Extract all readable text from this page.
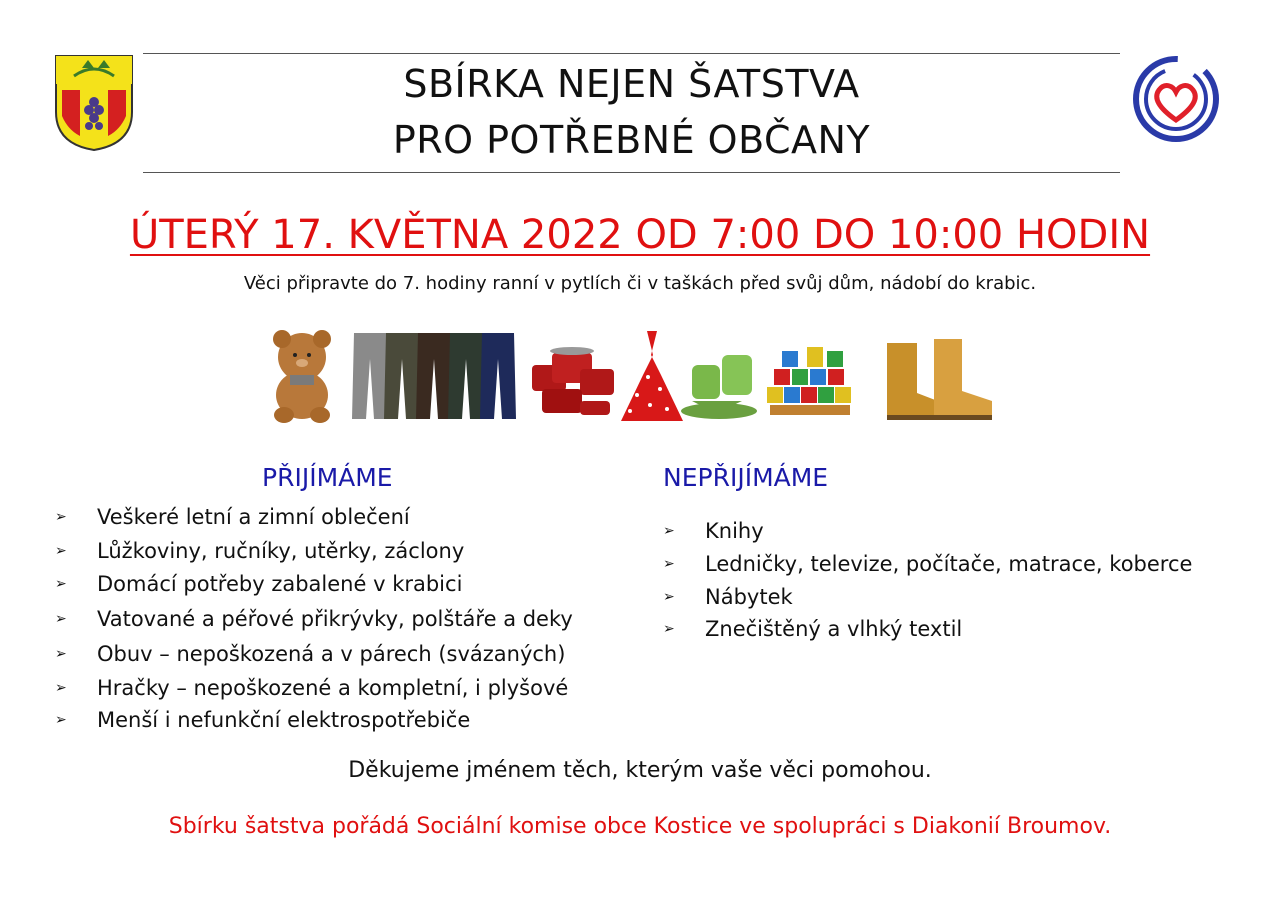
SBÍRKA NEJEN ŠATSTVA
PRO POTŘEBNÉ OBČANY
ÚTERÝ 17. KVĚTNA 2022 OD 7:00 DO 10:00 HODIN
Věci připravte do 7. hodiny ranní v pytlích či v taškách před svůj dům, nádobí do krabic.
PŘIJÍMÁME
➢ Veškeré letní a zimní oblečení
➢ Lůžkoviny, ručníky, utěrky, záclony
➢ Domácí potřeby zabalené v krabici
➢ Vatované a péřové přikrývky, polštáře a deky
➢ Obuv – nepoškozená a v párech (svázaných)
➢ Hračky – nepoškozené a kompletní, i plyšové
➢ Menší i nefunkční elektrospotřebiče
NEPŘIJÍMÁME
➢ Knihy
➢ Ledničky, televize, počítače, matrace, koberce
➢ Nábytek
➢ Znečištěný a vlhký textil
Děkujeme jménem těch, kterým vaše věci pomohou.
Sbírku šatstva pořádá Sociální komise obce Kostice ve spolupráci s Diakonií Broumov.
